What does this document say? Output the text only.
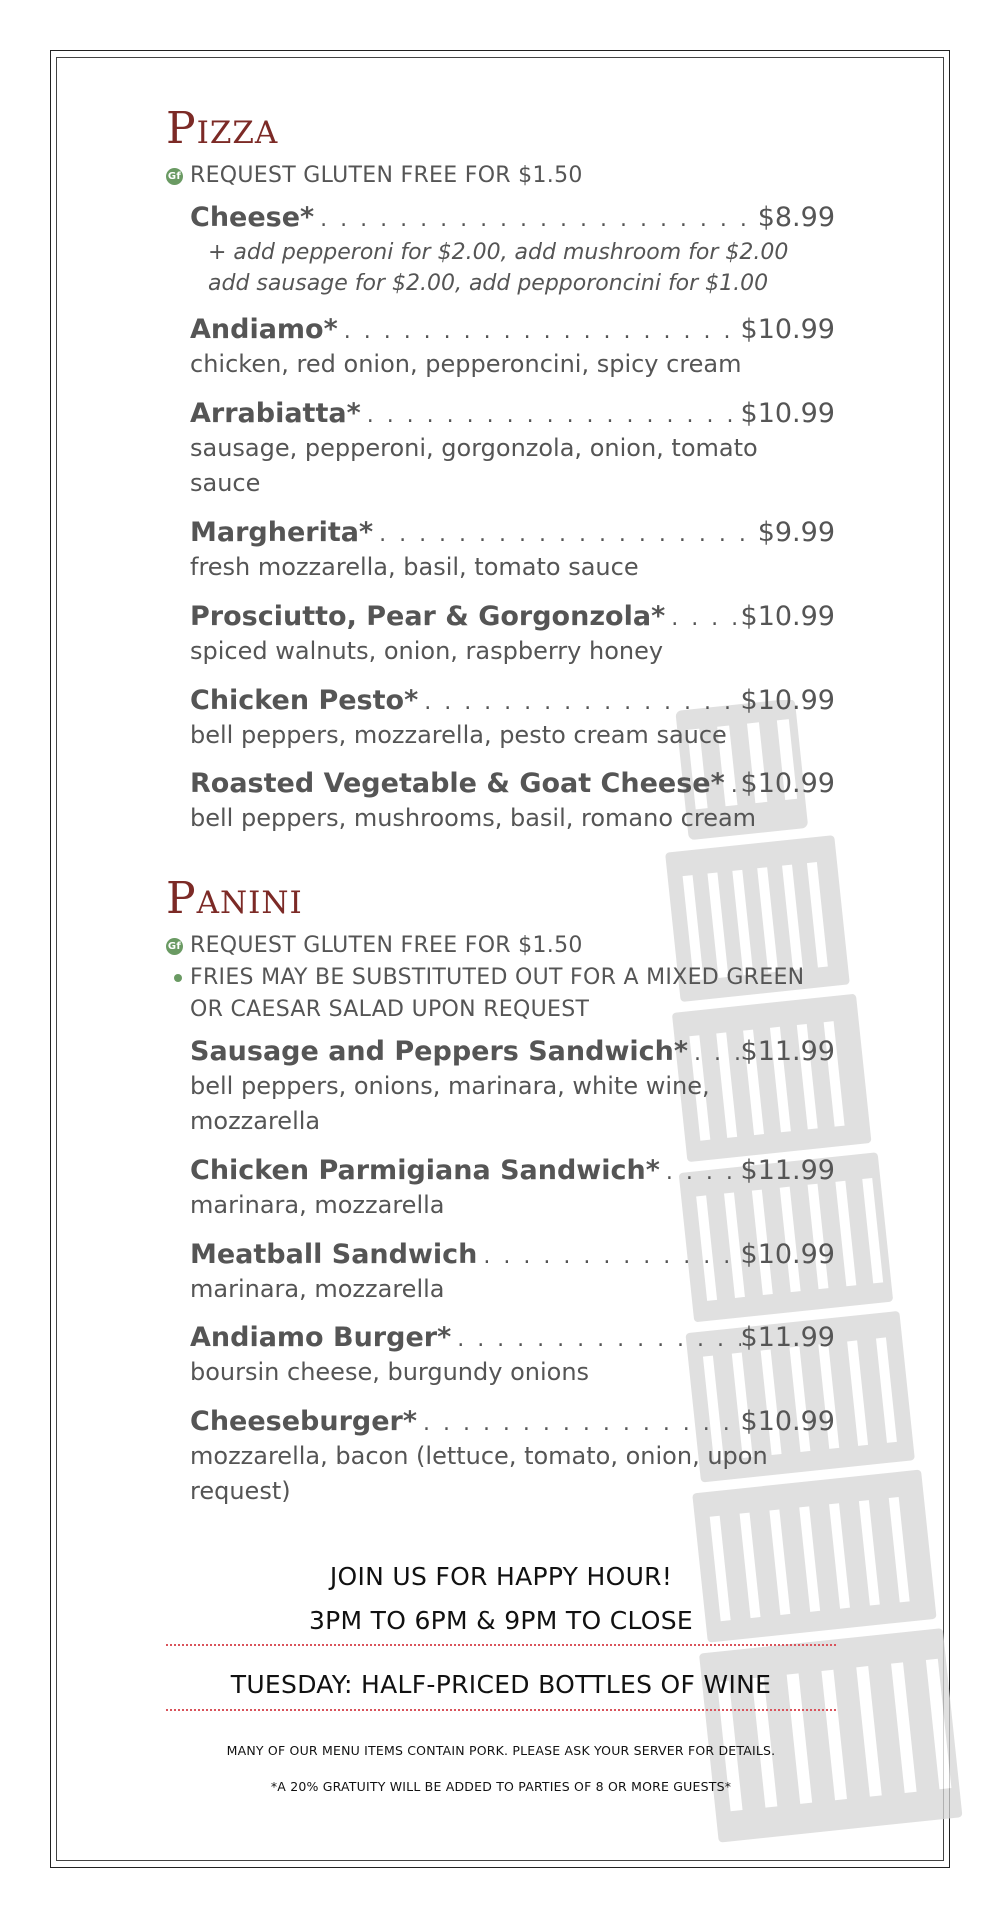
Pizza
Gf REQUEST GLUTEN FREE FOR $1.50
Cheese* . . .	$8.99
+ add pepperoni for $2.00, add mushroom for $2.00
add sausage for $2.00, add pepporoncini for $1.00
Andiamo* . . .	$10.99
chicken, red onion, pepperoncini, spicy cream
Arrabiatta* . . .	$10.99
sausage, pepperoni, gorgonzola, onion, tomato sauce
Margherita* . . .	$9.99
fresh mozzarella, basil, tomato sauce
Prosciutto, Pear & Gorgonzola* . . .	$10.99
spiced walnuts, onion, raspberry honey
Chicken Pesto* . . .	$10.99
bell peppers, mozzarella, pesto cream sauce
Roasted Vegetable & Goat Cheese* . . . $10.99
bell peppers, mushrooms, basil, romano cream
Panini
Gf REQUEST GLUTEN FREE FOR $1.50
FRIES MAY BE SUBSTITUTED OUT FOR A MIXED GREEN OR CAESAR SALAD UPON REQUEST
Sausage and Peppers Sandwich* . . . $11.99
bell peppers, onions, marinara, white wine, mozzarella
Chicken Parmigiana Sandwich* . . .	$11.99
marinara, mozzarella
Meatball Sandwich . . .	$10.99
marinara, mozzarella
Andiamo Burger* . . .	$11.99
boursin cheese, burgundy onions
Cheeseburger* . . .	$10.99
mozzarella, bacon (lettuce, tomato, onion, upon request)
JOIN US FOR HAPPY HOUR!
3PM TO 6PM & 9PM TO CLOSE
TUESDAY: HALF-PRICED BOTTLES OF WINE
MANY OF OUR MENU ITEMS CONTAIN PORK. PLEASE ASK YOUR SERVER FOR DETAILS.
*A 20% GRATUITY WILL BE ADDED TO PARTIES OF 8 OR MORE GUESTS*
